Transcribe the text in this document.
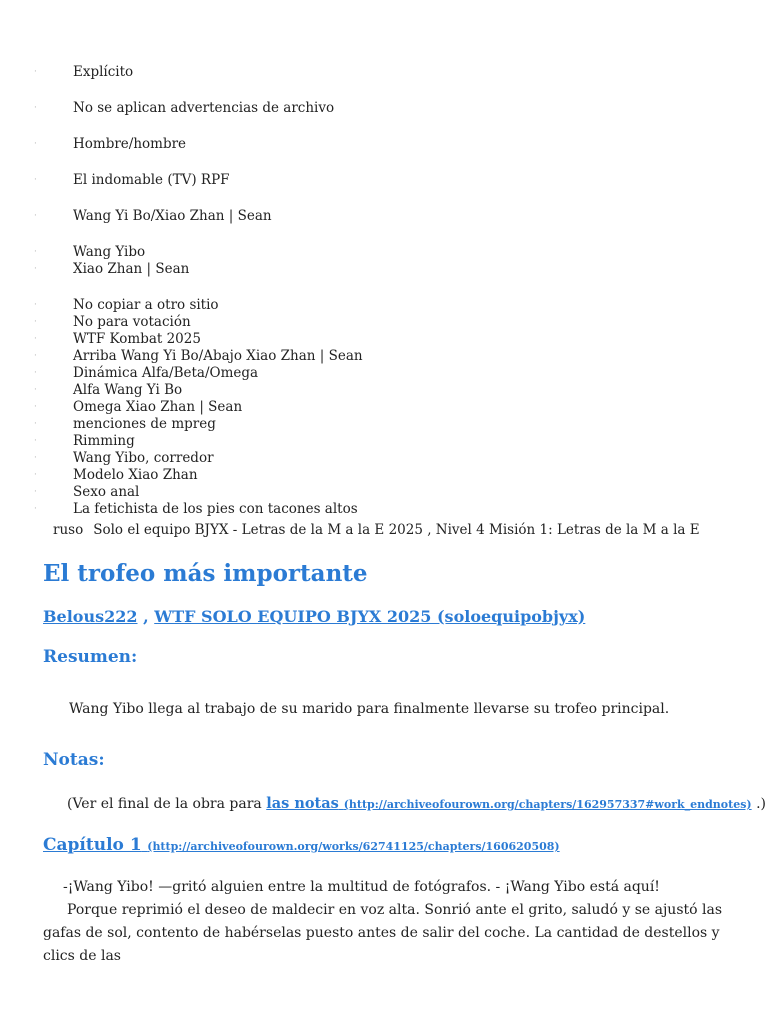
·	Explícito
·	No se aplican advertencias de archivo
·	Hombre/hombre
·	El indomable (TV) RPF
·	Wang Yi Bo/Xiao Zhan | Sean
·	Wang Yibo
·	Xiao Zhan | Sean
·	No copiar a otro sitio
·	No para votación
·	WTF Kombat 2025
·	Arriba Wang Yi Bo/Abajo Xiao Zhan | Sean
·	Dinámica Alfa/Beta/Omega
·	Alfa Wang Yi Bo
·	Omega Xiao Zhan | Sean
·	menciones de mpreg
·	Rimming
·	Wang Yibo, corredor
·	Modelo Xiao Zhan
·	Sexo anal
·	La fetichista de los pies con tacones altos
ruso Solo el equipo BJYX - Letras de la M a la E 2025 , Nivel 4 Misión 1: Letras de la M a la E
El trofeo más importante
Belous222 , WTF SOLO EQUIPO BJYX 2025 (soloequipobjyx)
Resumen:
Wang Yibo llega al trabajo de su marido para finalmente llevarse su trofeo principal.
Notas:
(Ver el final de la obra para las notas (http://archiveofourown.org/chapters/162957337#work_endnotes) .)
Capítulo 1 (http://archiveofourown.org/works/62741125/chapters/160620508)

-¡Wang Yibo! —gritó alguien entre la multitud de fotógrafos. - ¡Wang Yibo está aquí!

Porque reprimió el deseo de maldecir en voz alta. Sonrió ante el grito, saludó y se ajustó las gafas de sol, contento de habérselas puesto antes de salir del coche. La cantidad de destellos y clics de las
